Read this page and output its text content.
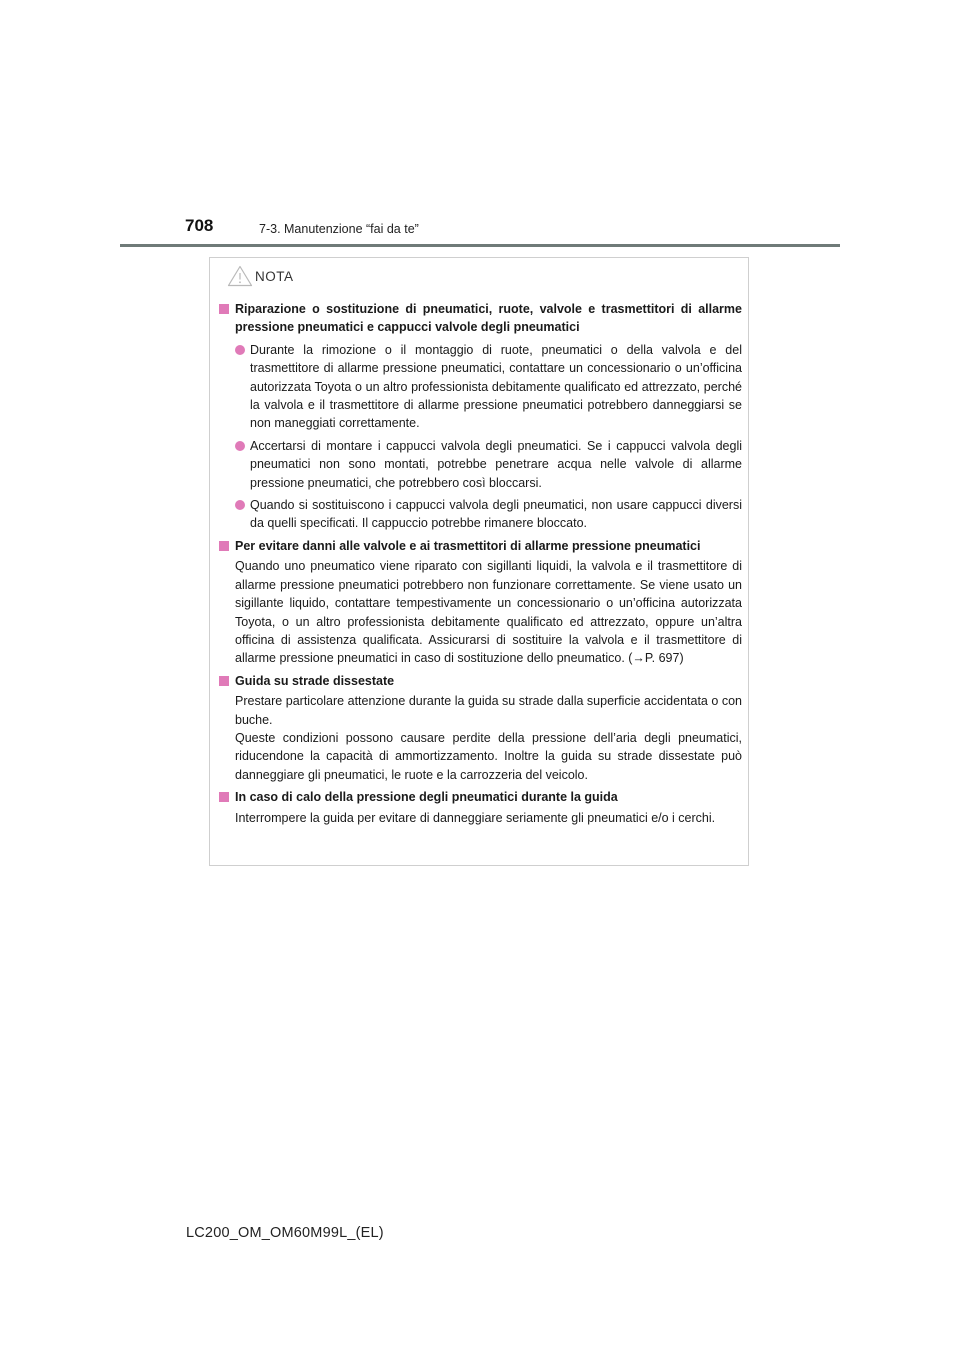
708	7-3. Manutenzione “fai da te”
NOTA
Riparazione o sostituzione di pneumatici, ruote, valvole e trasmettitori di allarme pressione pneumatici e cappucci valvole degli pneumatici
Durante la rimozione o il montaggio di ruote, pneumatici o della valvola e del trasmettitore di allarme pressione pneumatici, contattare un concessionario o un’officina autorizzata Toyota o un altro professionista debitamente qualificato ed attrezzato, perché la valvola e il trasmettitore di allarme pressione pneumatici potrebbero danneggiarsi se non maneggiati correttamente.
Accertarsi di montare i cappucci valvola degli pneumatici. Se i cappucci valvola degli pneumatici non sono montati, potrebbe penetrare acqua nelle valvole di allarme pressione pneumatici, che potrebbero così bloccarsi.
Quando si sostituiscono i cappucci valvola degli pneumatici, non usare cappucci diversi da quelli specificati. Il cappuccio potrebbe rimanere bloccato.
Per evitare danni alle valvole e ai trasmettitori di allarme pressione pneumatici
Quando uno pneumatico viene riparato con sigillanti liquidi, la valvola e il trasmettitore di allarme pressione pneumatici potrebbero non funzionare correttamente. Se viene usato un sigillante liquido, contattare tempestivamente un concessionario o un’officina autorizzata Toyota, o un altro professionista debitamente qualificato ed attrezzato, oppure un’altra officina di assistenza qualificata. Assicurarsi di sostituire la valvola e il trasmettitore di allarme pressione pneumatici in caso di sostituzione dello pneumatico. (→P. 697)
Guida su strade dissestate
Prestare particolare attenzione durante la guida su strade dalla superficie accidentata o con buche.
Queste condizioni possono causare perdite della pressione dell’aria degli pneumatici, riducendone la capacità di ammortizzamento. Inoltre la guida su strade dissestate può danneggiare gli pneumatici, le ruote e la carrozzeria del veicolo.
In caso di calo della pressione degli pneumatici durante la guida
Interrompere la guida per evitare di danneggiare seriamente gli pneumatici e/o i cerchi.
LC200_OM_OM60M99L_(EL)
